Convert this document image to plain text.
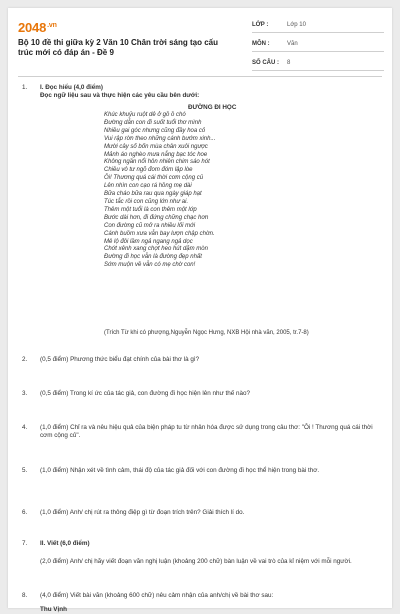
$2048^{.vn}$
Bộ 10 đề thi giữa kỳ 2 Văn 10 Chân trời sáng tạo cấu trúc mới có đáp án - Đề 9
LỚP :	Lớp 10
MÔN :	Văn
SỐ CÂU :	8
1. I. Đọc hiểu (4,0 điểm)
Đọc ngữ liệu sau và thực hiện các yêu cầu bên dưới:
ĐƯỜNG ĐI HỌC
Khúc khuỷu ruột dê ở gồ ồ chó
Đường dẫn con đi suốt tuổi thơ mình
Nhiều gai góc nhưng cũng đầy hoa cỏ
Vui rập rờn theo những cánh bướm xinh...
Mười cây số bốn mùa chân xuôi ngược
Mảnh áo nghèo mưa nắng bạc tóc hoe
Không ngần nổi hôn nhiên chim sáo hót
Chiều vô tư ngõ đom đóm lập lòe
Ôi! Thương quá cái thời cơm cộng củ
Lên nhìn con cạo rá hồng mẹ dài
Bữa cháo bữa rau qua ngày giáp hạt
Túc tắc rồi con cũng lớn như ai.
Thêm một tuổi là con thêm một lớp
Bước dài hơn, đi đứng chững chạc hơn
Con đường cũ mở ra nhiều lối mới
Cánh buồm xưa vẫn bay lượn chập chờn.
Mê lộ đôi lầm ngả ngang ngả dọc
Chớt xênh xang chợt heo hút dặm mòn
Đường đi học vẫn là đường đẹp nhất
Sớm muộn về vẫn có mẹ chờ con!
(Trích Từ khi có phượng,Nguyễn Ngọc Hưng, NXB Hội nhà văn, 2005, tr.7-8)
2. (0,5 điểm) Phương thức biểu đạt chính của bài thơ là gì?
3. (0,5 điểm) Trong kí ức của tác giả, con đường đi học hiện lên như thế nào?
4. (1,0 điểm) Chỉ ra và nêu hiệu quả của biện pháp tu từ nhân hóa được sử dụng trong câu thơ: "Ôi ! Thương quá cái thời cơm cộng củ".
5. (1,0 điểm) Nhận xét về tình cảm, thái độ của tác giả đối với con đường đi học thể hiện trong bài thơ.
6. (1,0 điểm) Anh/ chị rút ra thông điệp gì từ đoạn trích trên? Giải thích lí do.
7. II. Viết (6,0 điểm)
(2,0 điểm) Anh/ chị hãy viết đoạn văn nghị luận (khoảng 200 chữ) bàn luận về vai trò của kỉ niệm với mỗi người.
8. (4,0 điểm) Viết bài văn (khoảng 600 chữ) nêu cảm nhận của anh/chị về bài thơ sau:
Thu Vịnh
